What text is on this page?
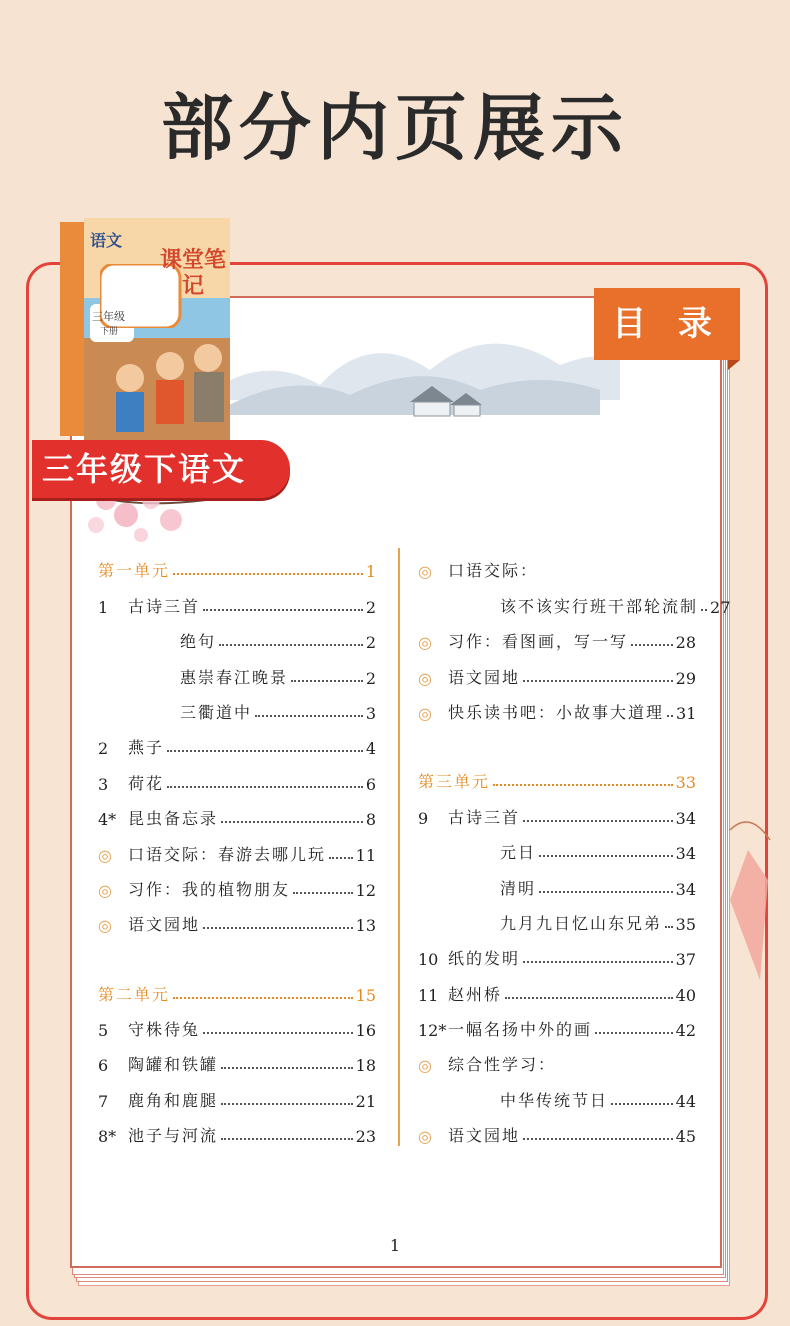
部分内页展示
语文
课堂笔记
三年级
下册
三年级下语文
目 录
第一单元	1
1	古诗三首	2
绝句	2
惠崇春江晚景	2
三衢道中	3
2	燕子	4
3	荷花	6
4* 昆虫备忘录	8
◎	口语交际：春游去哪儿玩 11
◎	习作：我的植物朋友	12
◎	语文园地	13
第二单元	15
5	守株待兔	16
6	陶罐和铁罐	18
7	鹿角和鹿腿	21
8* 池子与河流	23
◎	口语交际：
该不该实行班干部轮流制 27
◎	习作：看图画，写一写	28
◎	语文园地	29
◎	快乐读书吧：小故事大道理 31
第三单元	33
9	古诗三首	34
元日	34
清明	34
九月九日忆山东兄弟 35
10 纸的发明	37
11 赵州桥	40
12* 一幅名扬中外的画	42
◎	综合性学习：
中华传统节日	44
◎	语文园地	45
1
